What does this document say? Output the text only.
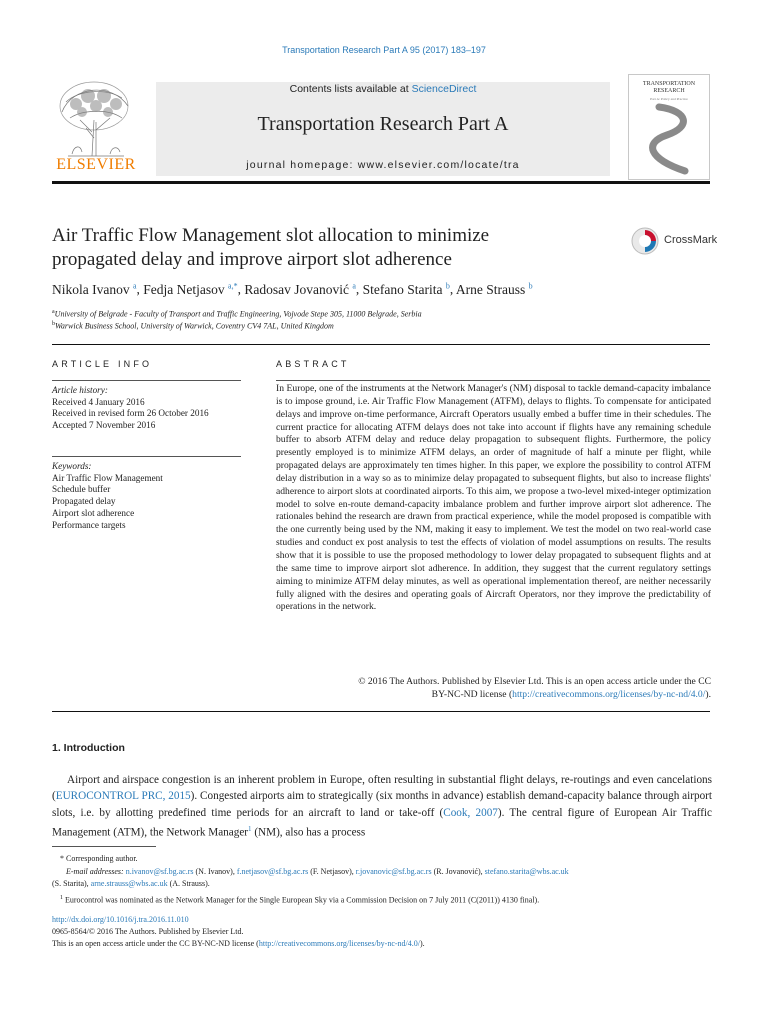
Transportation Research Part A 95 (2017) 183–197
ELSEVIER
Contents lists available at ScienceDirect
Transportation Research Part A
journal homepage: www.elsevier.com/locate/tra
TRANSPORTATION RESEARCH
Part A: Policy and Practice
Air Traffic Flow Management slot allocation to minimize
propagated delay and improve airport slot adherence
CrossMark
Nikola Ivanov $^a$, Fedja Netjasov $^{a,*}$, Radosav Jovanović $^a$, Stefano Starita $^b$, Arne Strauss $^b$
$^a$University of Belgrade - Faculty of Transport and Traffic Engineering, Vojvode Stepe 305, 11000 Belgrade, Serbia
$^b$Warwick Business School, University of Warwick, Coventry CV4 7AL, United Kingdom
ARTICLE INFO
Article history:
Received 4 January 2016
Received in revised form 26 October 2016
Accepted 7 November 2016
Keywords:
Air Traffic Flow Management
Schedule buffer
Propagated delay
Airport slot adherence
Performance targets
ABSTRACT
In Europe, one of the instruments at the Network Manager's (NM) disposal to tackle demand-capacity imbalance is to impose ground, i.e. Air Traffic Flow Management (ATFM), delays to flights. To compensate for anticipated delays and improve on-time performance, Aircraft Operators usually embed a buffer time in their schedules. The current practice for allocating ATFM delays does not take into account if flights have any remaining schedule buffer to absorb ATFM delay and reduce delay propagation to subsequent flights. Furthermore, the policy presently employed is to minimize ATFM delays, an order of magnitude of half a minute per flight, while propagated delays are approximately ten times higher. In this paper, we explore the possibility to control ATFM delay distribution in a way so as to minimize delay propagated to subsequent flights, but also to increase flights' adherence to airport slots at coordinated airports. To this aim, we propose a two-level mixed-integer optimization model to solve en-route demand-capacity imbalance problem and further improve airport slot adherence. The rationales behind the research are drawn from practical experience, while the model proposed is compatible with the one currently being used by the NM, making it easy to implement. We test the model on two real-world case studies and conduct ex post analysis to test the effects of violation of model assumptions on results. The results show that it is possible to use the proposed methodology to lower delay propagated to subsequent flights and at the same time to improve airport slot adherence. In addition, they suggest that the current regulatory settings aiming to minimize ATFM delay minutes, as well as operational implementation thereof, are neither necessarily fully aligned with the desires and operating goals of Aircraft Operators, nor they improve the predictability of operations in the network.
© 2016 The Authors. Published by Elsevier Ltd. This is an open access article under the CC
BY-NC-ND license (http://creativecommons.org/licenses/by-nc-nd/4.0/).
1. Introduction
Airport and airspace congestion is an inherent problem in Europe, often resulting in substantial flight delays, re-routings and even cancelations (EUROCONTROL PRC, 2015). Congested airports aim to strategically (six months in advance) establish demand-capacity balance through airport slots, i.e. by allotting predefined time periods for an aircraft to land or take-off (Cook, 2007). The central figure of European Air Traffic Management (ATM), the Network Manager$^1$ (NM), also has a process
* Corresponding author.
E-mail addresses: n.ivanov@sf.bg.ac.rs (N. Ivanov), f.netjasov@sf.bg.ac.rs (F. Netjasov), r.jovanovic@sf.bg.ac.rs (R. Jovanović), stefano.starita@wbs.ac.uk
(S. Starita), arne.strauss@wbs.ac.uk (A. Strauss).
$^1$ Eurocontrol was nominated as the Network Manager for the Single European Sky via a Commission Decision on 7 July 2011 (C(2011)) 4130 final).
http://dx.doi.org/10.1016/j.tra.2016.11.010
0965-8564/© 2016 The Authors. Published by Elsevier Ltd.
This is an open access article under the CC BY-NC-ND license (http://creativecommons.org/licenses/by-nc-nd/4.0/).
